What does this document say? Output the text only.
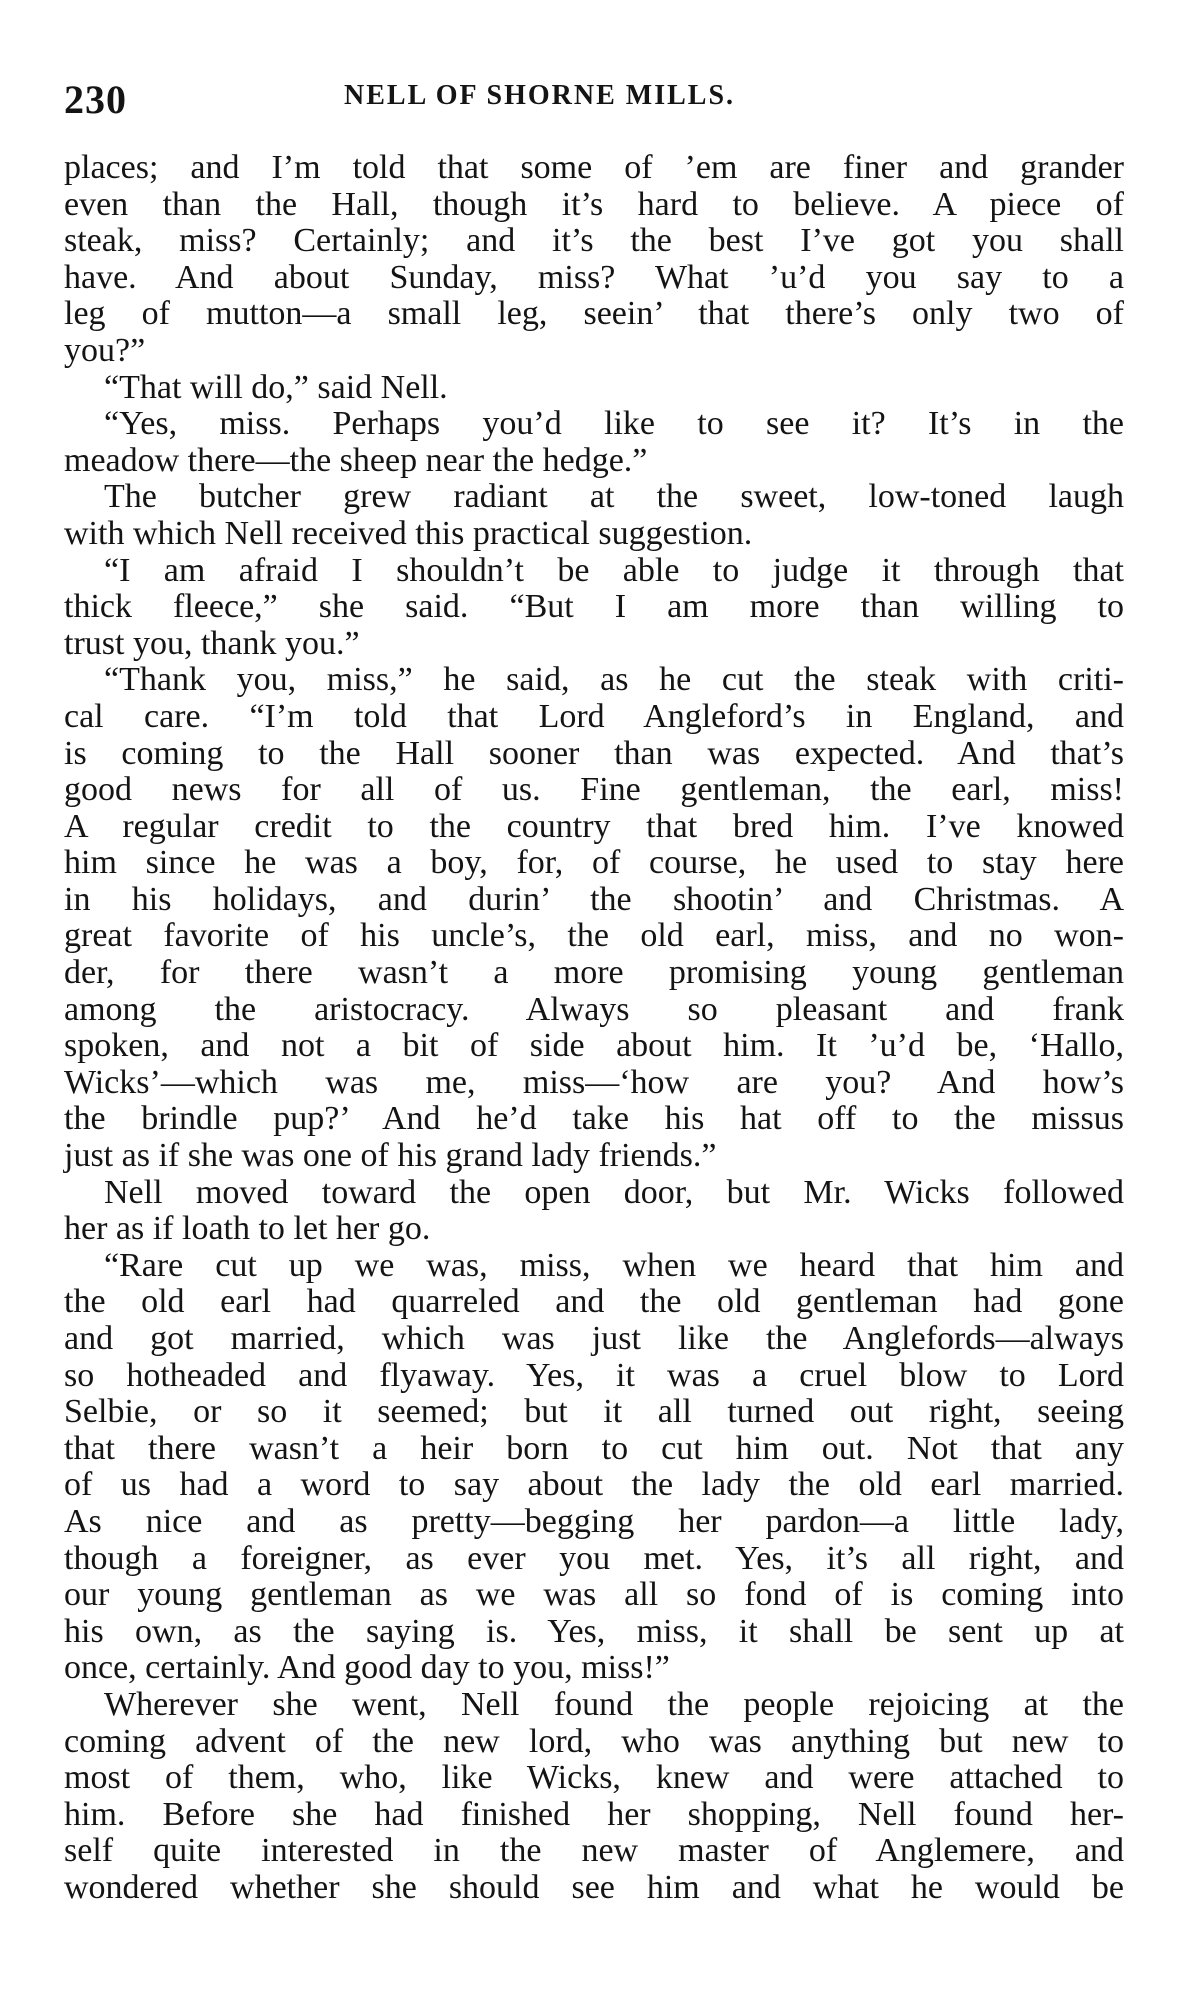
230	NELL OF SHORNE MILLS.
places; and I’m told that some of ’em are finer and grander
even than the Hall, though it’s hard to believe. A piece of
steak, miss? Certainly; and it’s the best I’ve got you shall
have. And about Sunday, miss? What ’u’d you say to a
leg of mutton—a small leg, seein’ that there’s only two of
you?”
“That will do,” said Nell.
“Yes, miss. Perhaps you’d like to see it? It’s in the
meadow there—the sheep near the hedge.”
The butcher grew radiant at the sweet, low-toned laugh
with which Nell received this practical suggestion.
“I am afraid I shouldn’t be able to judge it through that
thick fleece,” she said. “But I am more than willing to
trust you, thank you.”
“Thank you, miss,” he said, as he cut the steak with criti-
cal care. “I’m told that Lord Angleford’s in England, and
is coming to the Hall sooner than was expected. And that’s
good news for all of us. Fine gentleman, the earl, miss!
A regular credit to the country that bred him. I’ve knowed
him since he was a boy, for, of course, he used to stay here
in his holidays, and durin’ the shootin’ and Christmas. A
great favorite of his uncle’s, the old earl, miss, and no won-
der, for there wasn’t a more promising young gentleman
among the aristocracy. Always so pleasant and frank
spoken, and not a bit of side about him. It ’u’d be, ‘Hallo,
Wicks’—which was me, miss—‘how are you? And how’s
the brindle pup?’ And he’d take his hat off to the missus
just as if she was one of his grand lady friends.”
Nell moved toward the open door, but Mr. Wicks followed
her as if loath to let her go.
“Rare cut up we was, miss, when we heard that him and
the old earl had quarreled and the old gentleman had gone
and got married, which was just like the Anglefords—always
so hotheaded and flyaway. Yes, it was a cruel blow to Lord
Selbie, or so it seemed; but it all turned out right, seeing
that there wasn’t a heir born to cut him out. Not that any
of us had a word to say about the lady the old earl married.
As nice and as pretty—begging her pardon—a little lady,
though a foreigner, as ever you met. Yes, it’s all right, and
our young gentleman as we was all so fond of is coming into
his own, as the saying is. Yes, miss, it shall be sent up at
once, certainly. And good day to you, miss!”
Wherever she went, Nell found the people rejoicing at the
coming advent of the new lord, who was anything but new to
most of them, who, like Wicks, knew and were attached to
him. Before she had finished her shopping, Nell found her-
self quite interested in the new master of Anglemere, and
wondered whether she should see him and what he would be
